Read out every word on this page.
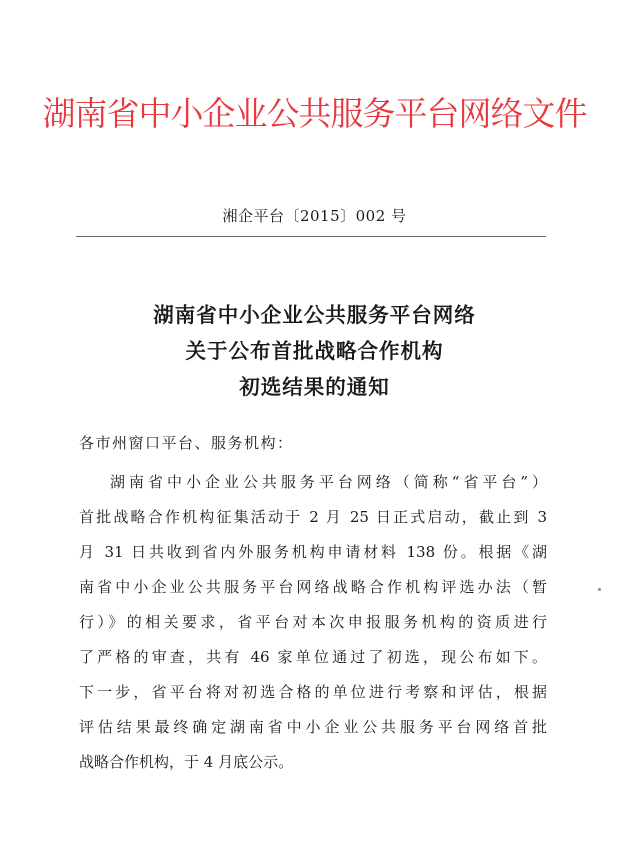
湖南省中小企业公共服务平台网络文件
湘企平台〔2015〕002 号
湖南省中小企业公共服务平台网络
关于公布首批战略合作机构
初选结果的通知
各市州窗口平台、服务机构：
湖南省中小企业公共服务平台网络（简称“省平台”）
首批战略合作机构征集活动于 2 月 25 日正式启动，截止到 3
月 31 日共收到省内外服务机构申请材料 138 份。根据《湖
南省中小企业公共服务平台网络战略合作机构评选办法（暂
行）》的相关要求，省平台对本次申报服务机构的资质进行
了严格的审查，共有 46 家单位通过了初选，现公布如下。
下一步，省平台将对初选合格的单位进行考察和评估，根据
评估结果最终确定湖南省中小企业公共服务平台网络首批
战略合作机构，于 4 月底公示。
